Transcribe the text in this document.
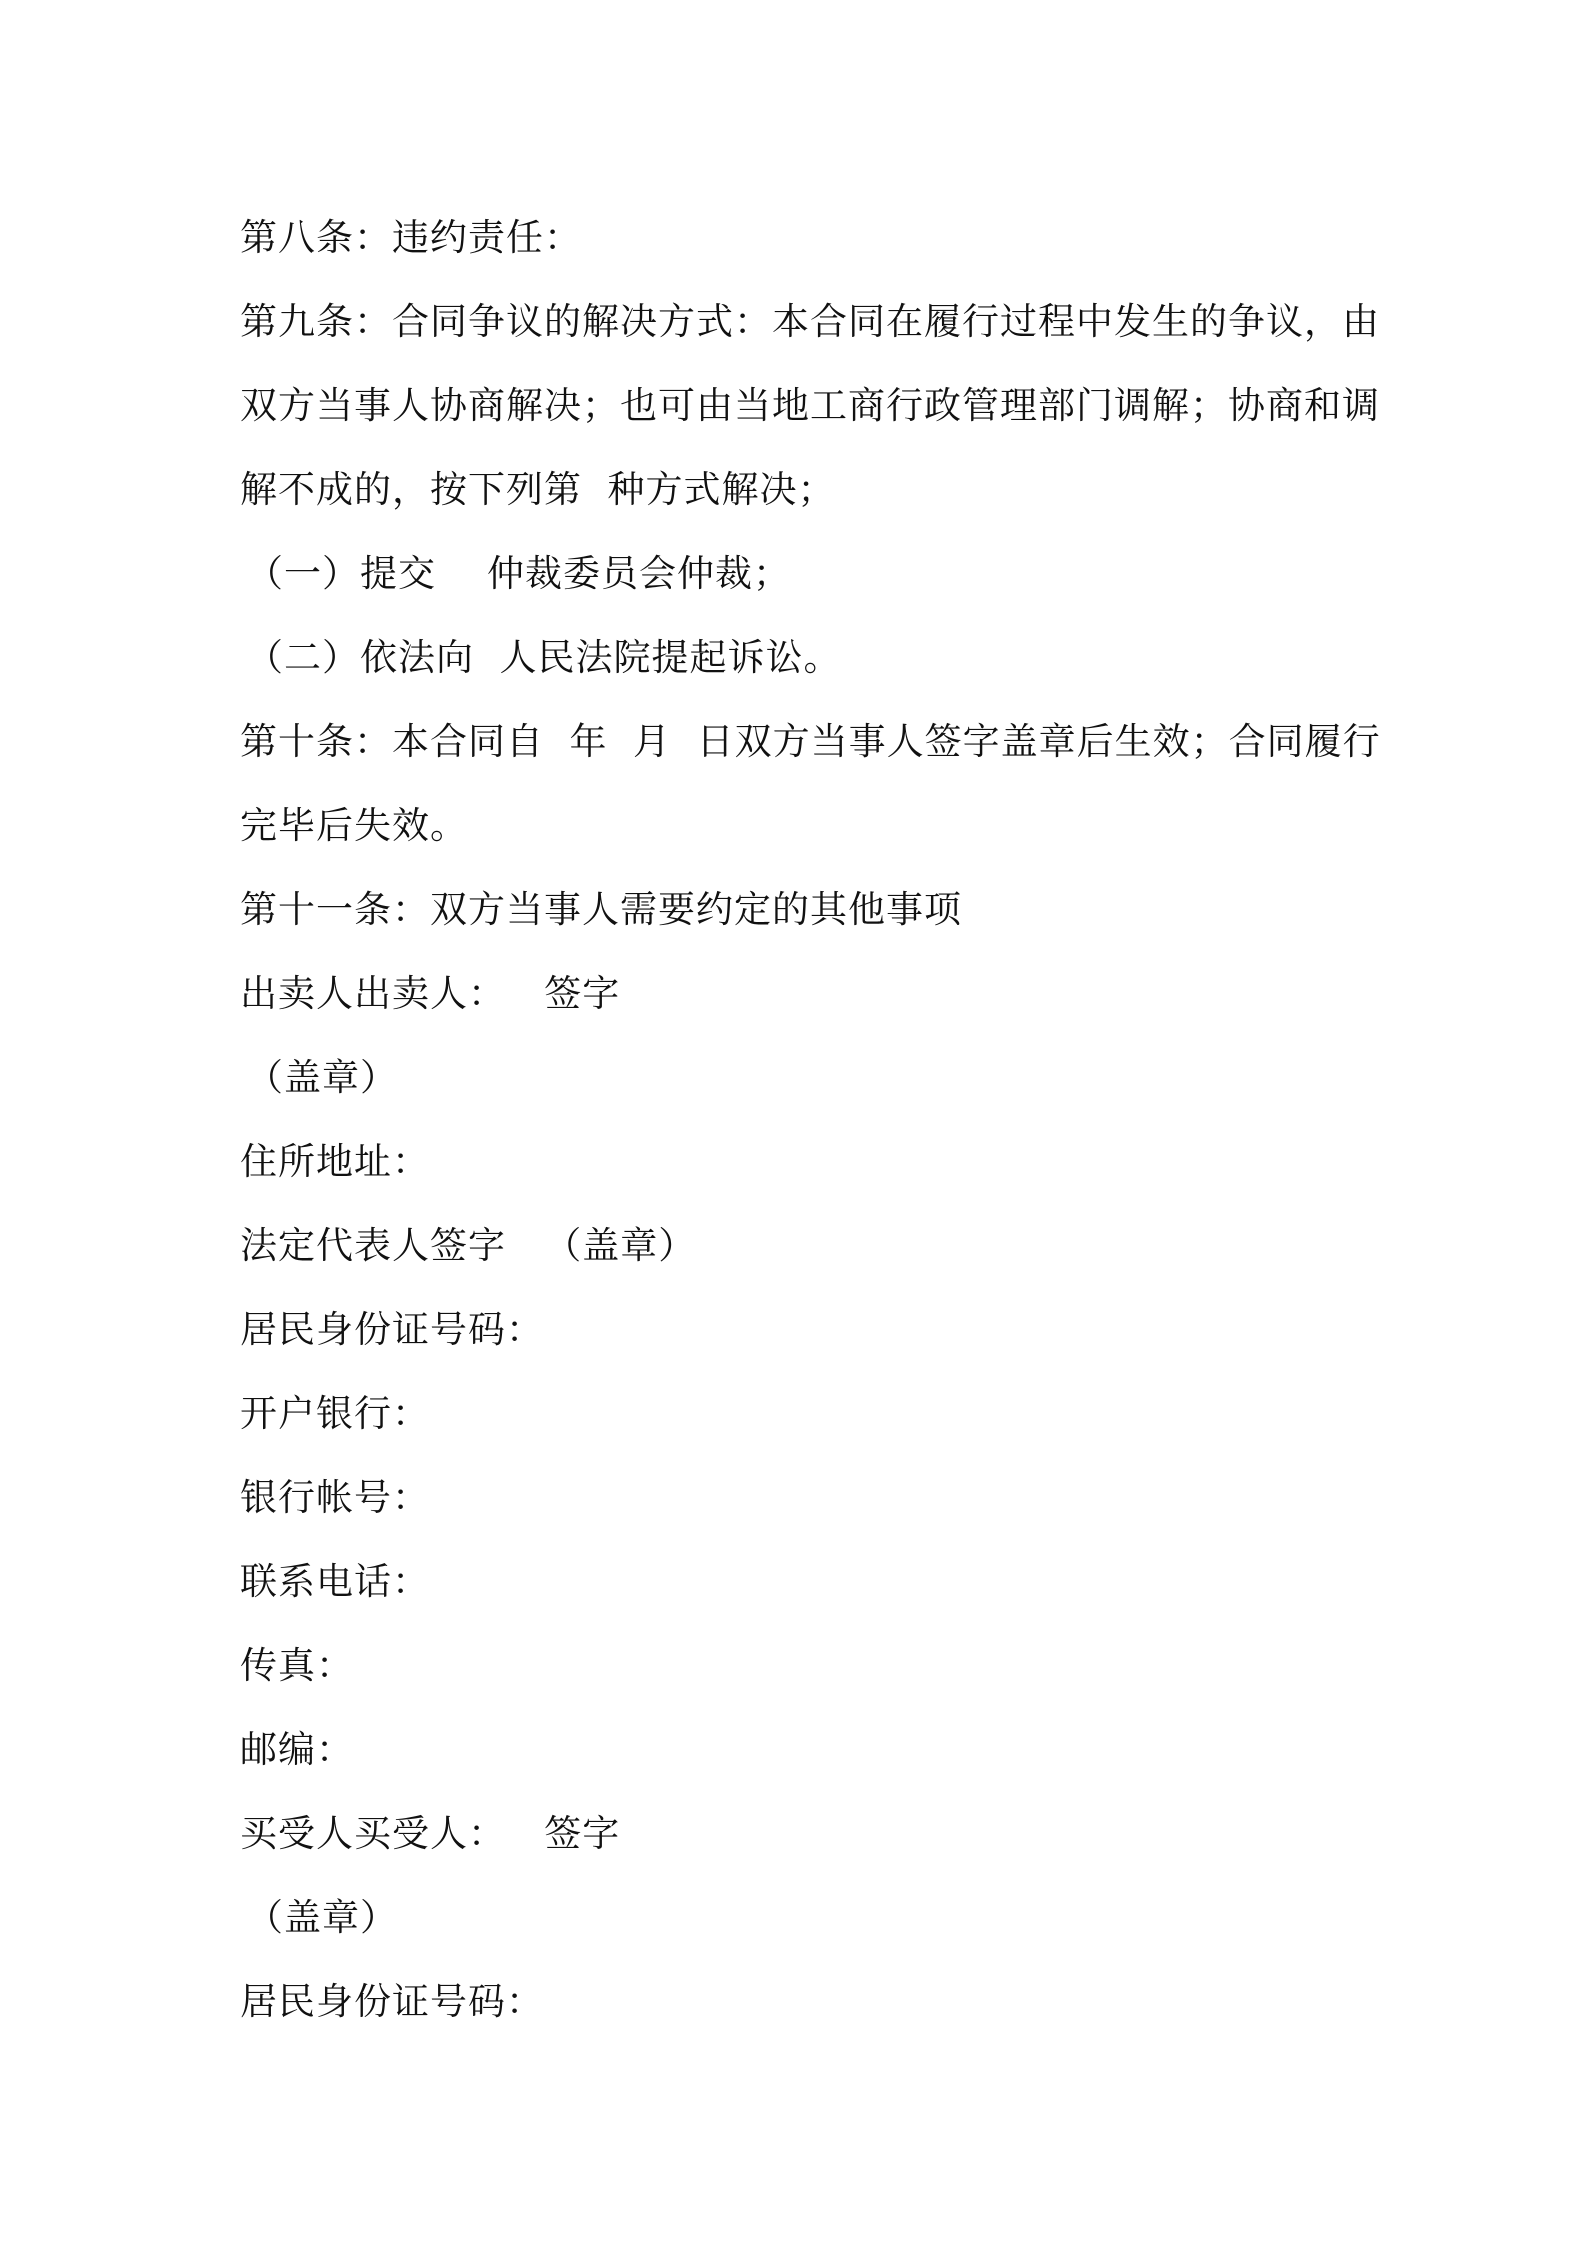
第八条：违约责任：
第九条：合同争议的解决方式：本合同在履行过程中发生的争议，由
双方当事人协商解决；也可由当地工商行政管理部门调解；协商和调
解不成的，按下列第  种方式解决；
（一）提交    仲裁委员会仲裁；
（二）依法向  人民法院提起诉讼。
第十条：本合同自  年  月  日双方当事人签字盖章后生效；合同履行
完毕后失效。
第十一条：双方当事人需要约定的其他事项
出卖人出卖人：   签字
（盖章）
住所地址：
法定代表人签字   （盖章）
居民身份证号码：
开户银行：
银行帐号：
联系电话：
传真：
邮编：
买受人买受人：   签字
（盖章）
居民身份证号码：
